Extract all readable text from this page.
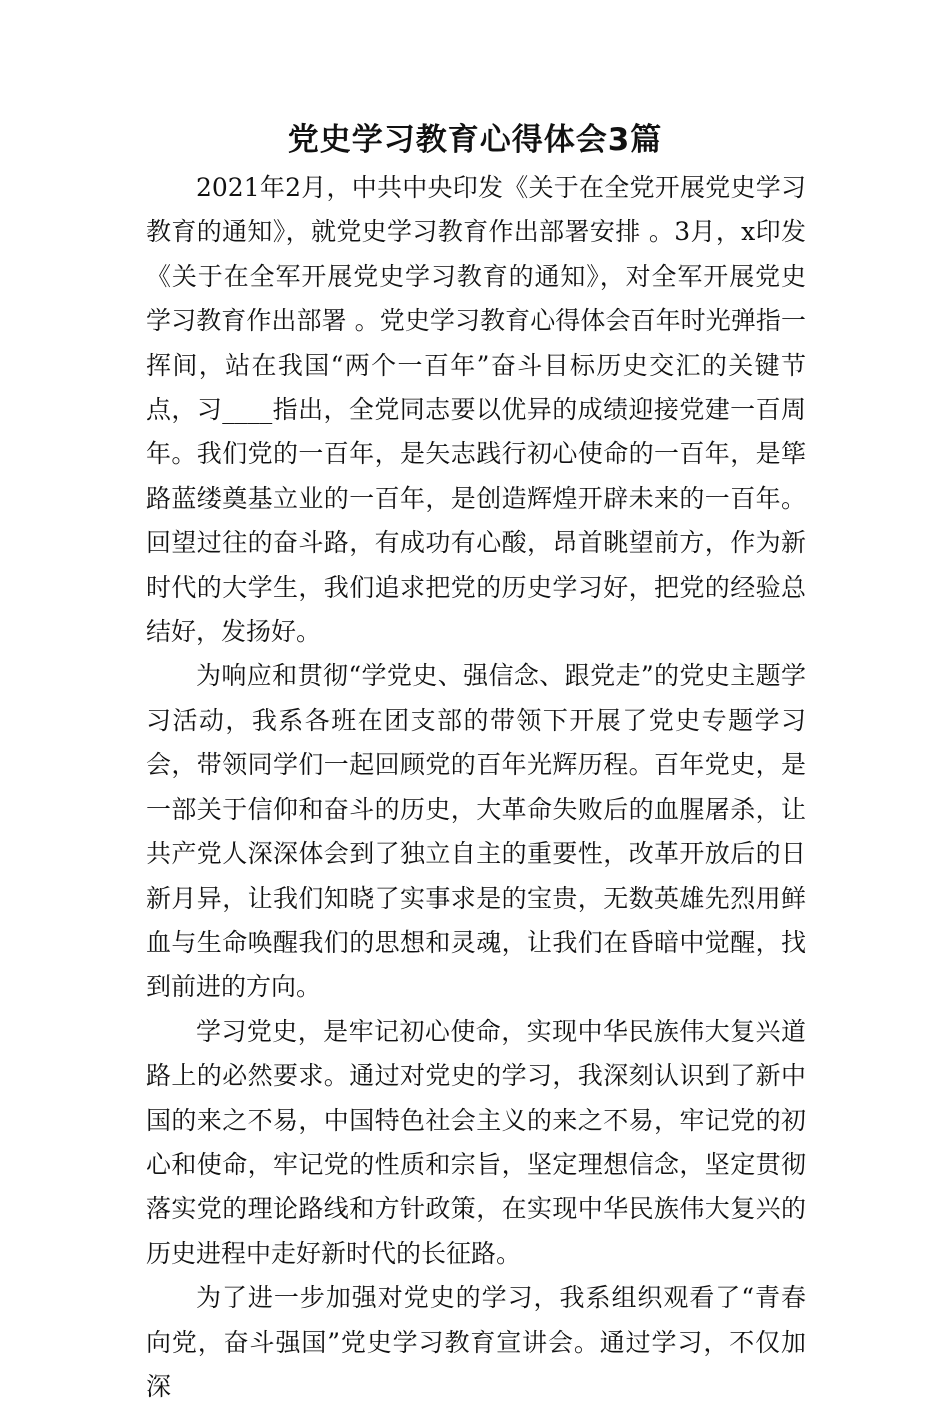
党史学习教育心得体会3篇

2021年2月，中共中央印发《关于在全党开展党史学习教育的通知》，就党史学习教育作出部署安排 。3月，x印发《关于在全军开展党史学习教育的通知》，对全军开展党史学习教育作出部署 。党史学习教育心得体会百年时光弹指一挥间，站在我国“两个一百年”奋斗目标历史交汇的关键节点，习____指出，全党同志要以优异的成绩迎接党建一百周年。我们党的一百年，是矢志践行初心使命的一百年，是筚路蓝缕奠基立业的一百年，是创造辉煌开辟未来的一百年。回望过往的奋斗路，有成功有心酸，昂首眺望前方，作为新时代的大学生，我们追求把党的历史学习好，把党的经验总结好，发扬好。

为响应和贯彻“学党史、强信念、跟党走”的党史主题学习活动，我系各班在团支部的带领下开展了党史专题学习会，带领同学们一起回顾党的百年光辉历程。百年党史，是一部关于信仰和奋斗的历史，大革命失败后的血腥屠杀，让共产党人深深体会到了独立自主的重要性，改革开放后的日新月异，让我们知晓了实事求是的宝贵，无数英雄先烈用鲜血与生命唤醒我们的思想和灵魂，让我们在昏暗中觉醒，找到前进的方向。

学习党史，是牢记初心使命，实现中华民族伟大复兴道路上的必然要求。通过对党史的学习，我深刻认识到了新中国的来之不易，中国特色社会主义的来之不易，牢记党的初心和使命，牢记党的性质和宗旨，坚定理想信念，坚定贯彻落实党的理论路线和方针政策，在实现中华民族伟大复兴的历史进程中走好新时代的长征路。

为了进一步加强对党史的学习，我系组织观看了“青春向党，奋斗强国”党史学习教育宣讲会。通过学习，不仅加深
